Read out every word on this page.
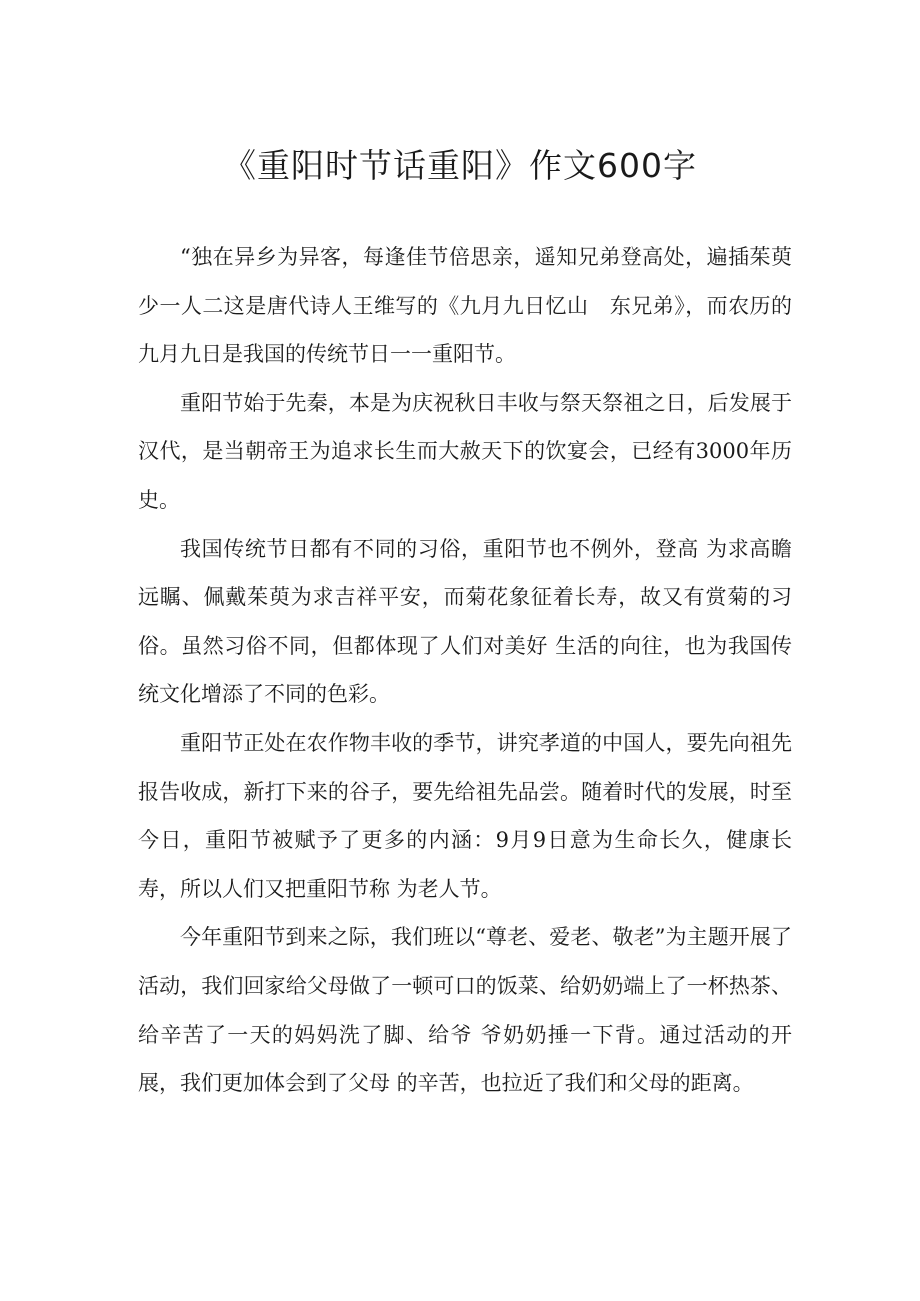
《重阳时节话重阳》作文600字

“独在异乡为异客，每逢佳节倍思亲，遥知兄弟登高处，遍插茱萸少一人二这是唐代诗人王维写的《九月九日忆山　东兄弟》，而农历的九月九日是我国的传统节日一一重阳节。

重阳节始于先秦，本是为庆祝秋日丰收与祭天祭祖之日，后发展于汉代，是当朝帝王为追求长生而大赦天下的饮宴会，已经有3000年历史。

我国传统节日都有不同的习俗，重阳节也不例外，登高 为求高瞻远瞩、佩戴茱萸为求吉祥平安，而菊花象征着长寿，故又有赏菊的习俗。虽然习俗不同，但都体现了人们对美好 生活的向往，也为我国传统文化增添了不同的色彩。

重阳节正处在农作物丰收的季节，讲究孝道的中国人，要先向祖先报告收成，新打下来的谷子，要先给祖先品尝。随着时代的发展，时至今日，重阳节被赋予了更多的内涵：9月9日意为生命长久，健康长寿，所以人们又把重阳节称 为老人节。

今年重阳节到来之际，我们班以“尊老、爱老、敬老”为主题开展了活动，我们回家给父母做了一顿可口的饭菜、给奶奶端上了一杯热茶、给辛苦了一天的妈妈洗了脚、给爷 爷奶奶捶一下背。通过活动的开展，我们更加体会到了父母 的辛苦，也拉近了我们和父母的距离。
